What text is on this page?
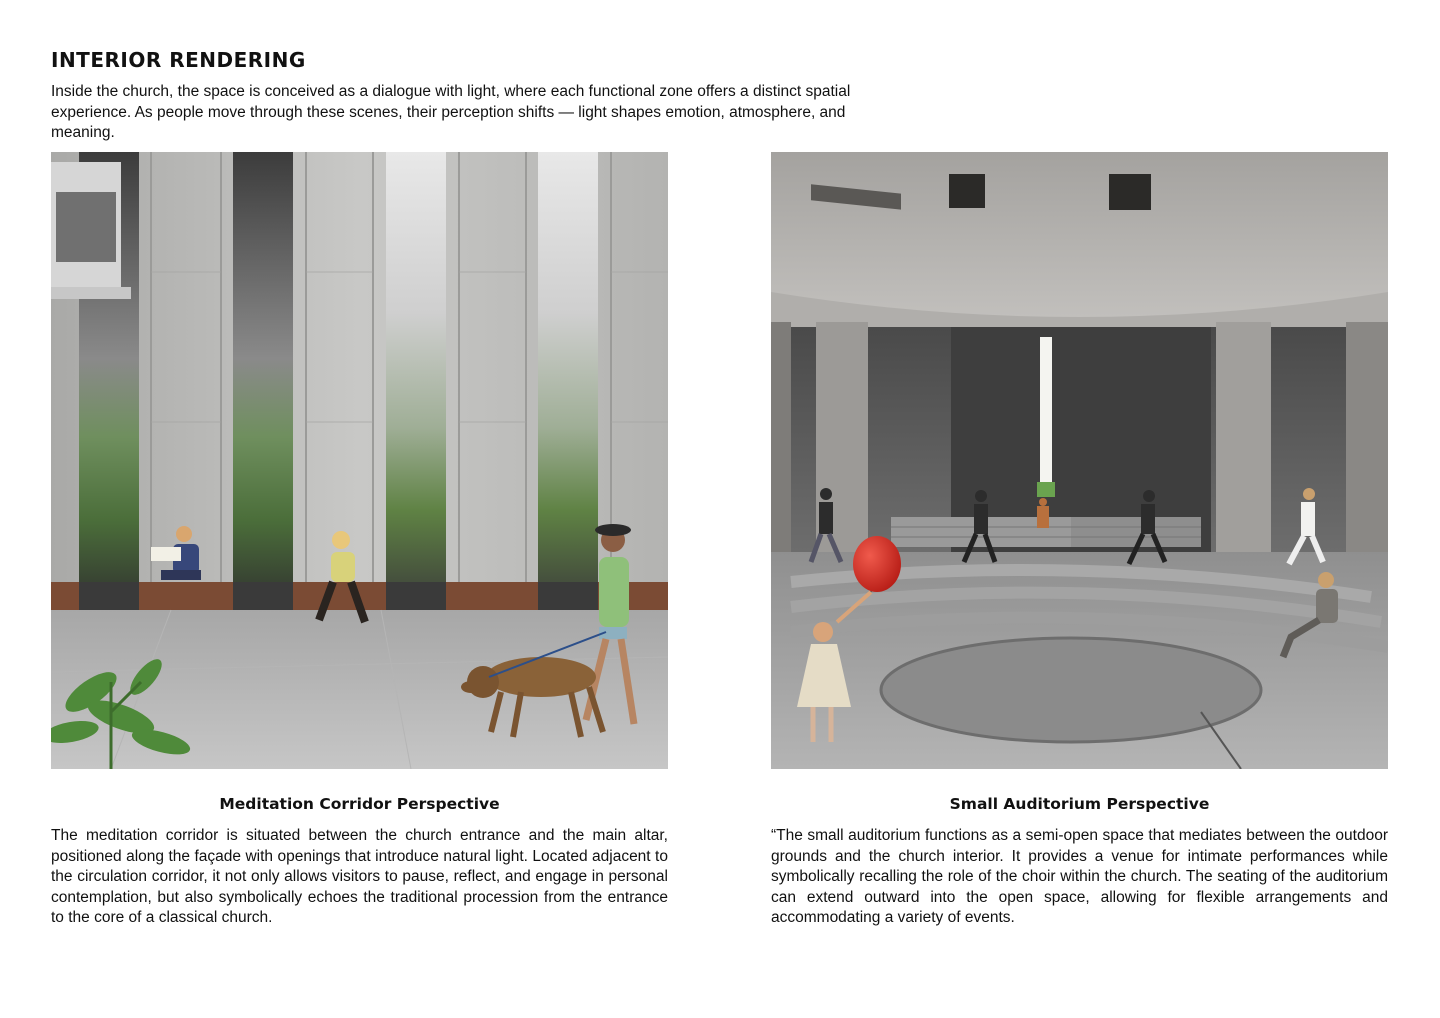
INTERIOR RENDERING
Inside the church, the space is conceived as a dialogue with light, where each functional zone offers a distinct spatial experience. As people move through these scenes, their perception shifts — light shapes emotion, atmosphere, and meaning.
Meditation Corridor Perspective	Small Auditorium Perspective
The meditation corridor is situated between the church entrance and the main altar, positioned along the façade with openings that introduce natural light. Located adjacent to the circulation corridor, it not only allows visitors to pause, reflect, and engage in personal contemplation, but also symbolically echoes the traditional procession from the entrance to the core of a classical church.
“The small auditorium functions as a semi-open space that mediates between the outdoor grounds and the church interior. It provides a venue for intimate performances while symbolically recalling the role of the choir within the church. The seating of the auditorium can extend outward into the open space, allowing for flexible arrangements and accommodating a variety of events.
